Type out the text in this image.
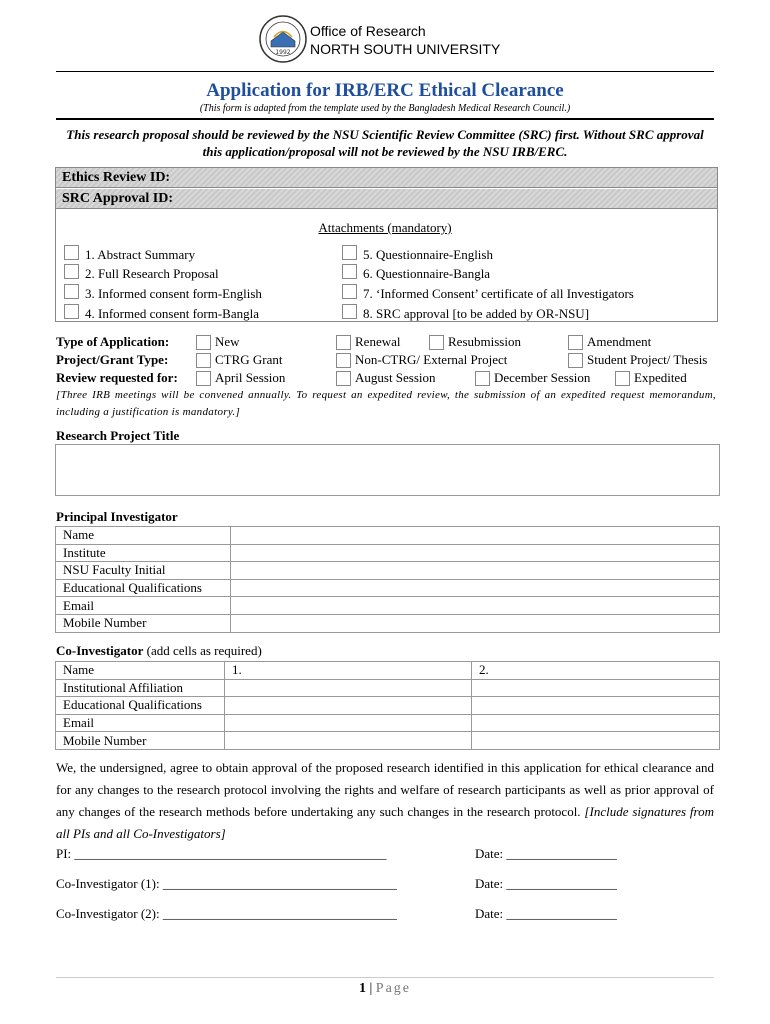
1992
Office of Research
NORTH SOUTH UNIVERSITY
Application for IRB/ERC Ethical Clearance
(This form is adapted from the template used by the Bangladesh Medical Research Council.)
This research proposal should be reviewed by the NSU Scientific Review Committee (SRC) first. Without SRC approval this application/proposal will not be reviewed by the NSU IRB/ERC.
Ethics Review ID:
SRC Approval ID:
Attachments (mandatory)
1. Abstract Summary
2. Full Research Proposal
3. Informed consent form-English
4. Informed consent form-Bangla
5. Questionnaire-English
6. Questionnaire-Bangla
7. ‘Informed Consent’ certificate of all Investigators
8. SRC approval [to be added by OR-NSU]
Type of Application:	New	Renewal	Resubmission	Amendment
Project/Grant Type:	CTRG Grant	Non-CTRG/ External Project	Student Project/ Thesis
Review requested for:	April Session	August Session	December Session	Expedited
[Three IRB meetings will be convened annually. To request an expedited review, the submission of an expedited request memorandum, including a justification is mandatory.]
Research Project Title
Principal Investigator
Name	
Institute	
NSU Faculty Initial	
Educational Qualifications	
Email	
Mobile Number	
Co-Investigator (add cells as required)
Name	1.	2.
Institutional Affiliation		
Educational Qualifications		
Email		
Mobile Number		
We, the undersigned, agree to obtain approval of the proposed research identified in this application for ethical clearance and for any changes to the research protocol involving the rights and welfare of research participants as well as prior approval of any changes of the research methods before undertaking any such changes in the research protocol. [Include signatures from all PIs and all Co-Investigators]
PI: ________________________________________________	Date: _________________
Co-Investigator (1): ____________________________________	Date: _________________
Co-Investigator (2): ____________________________________	Date: _________________
1 | Page
